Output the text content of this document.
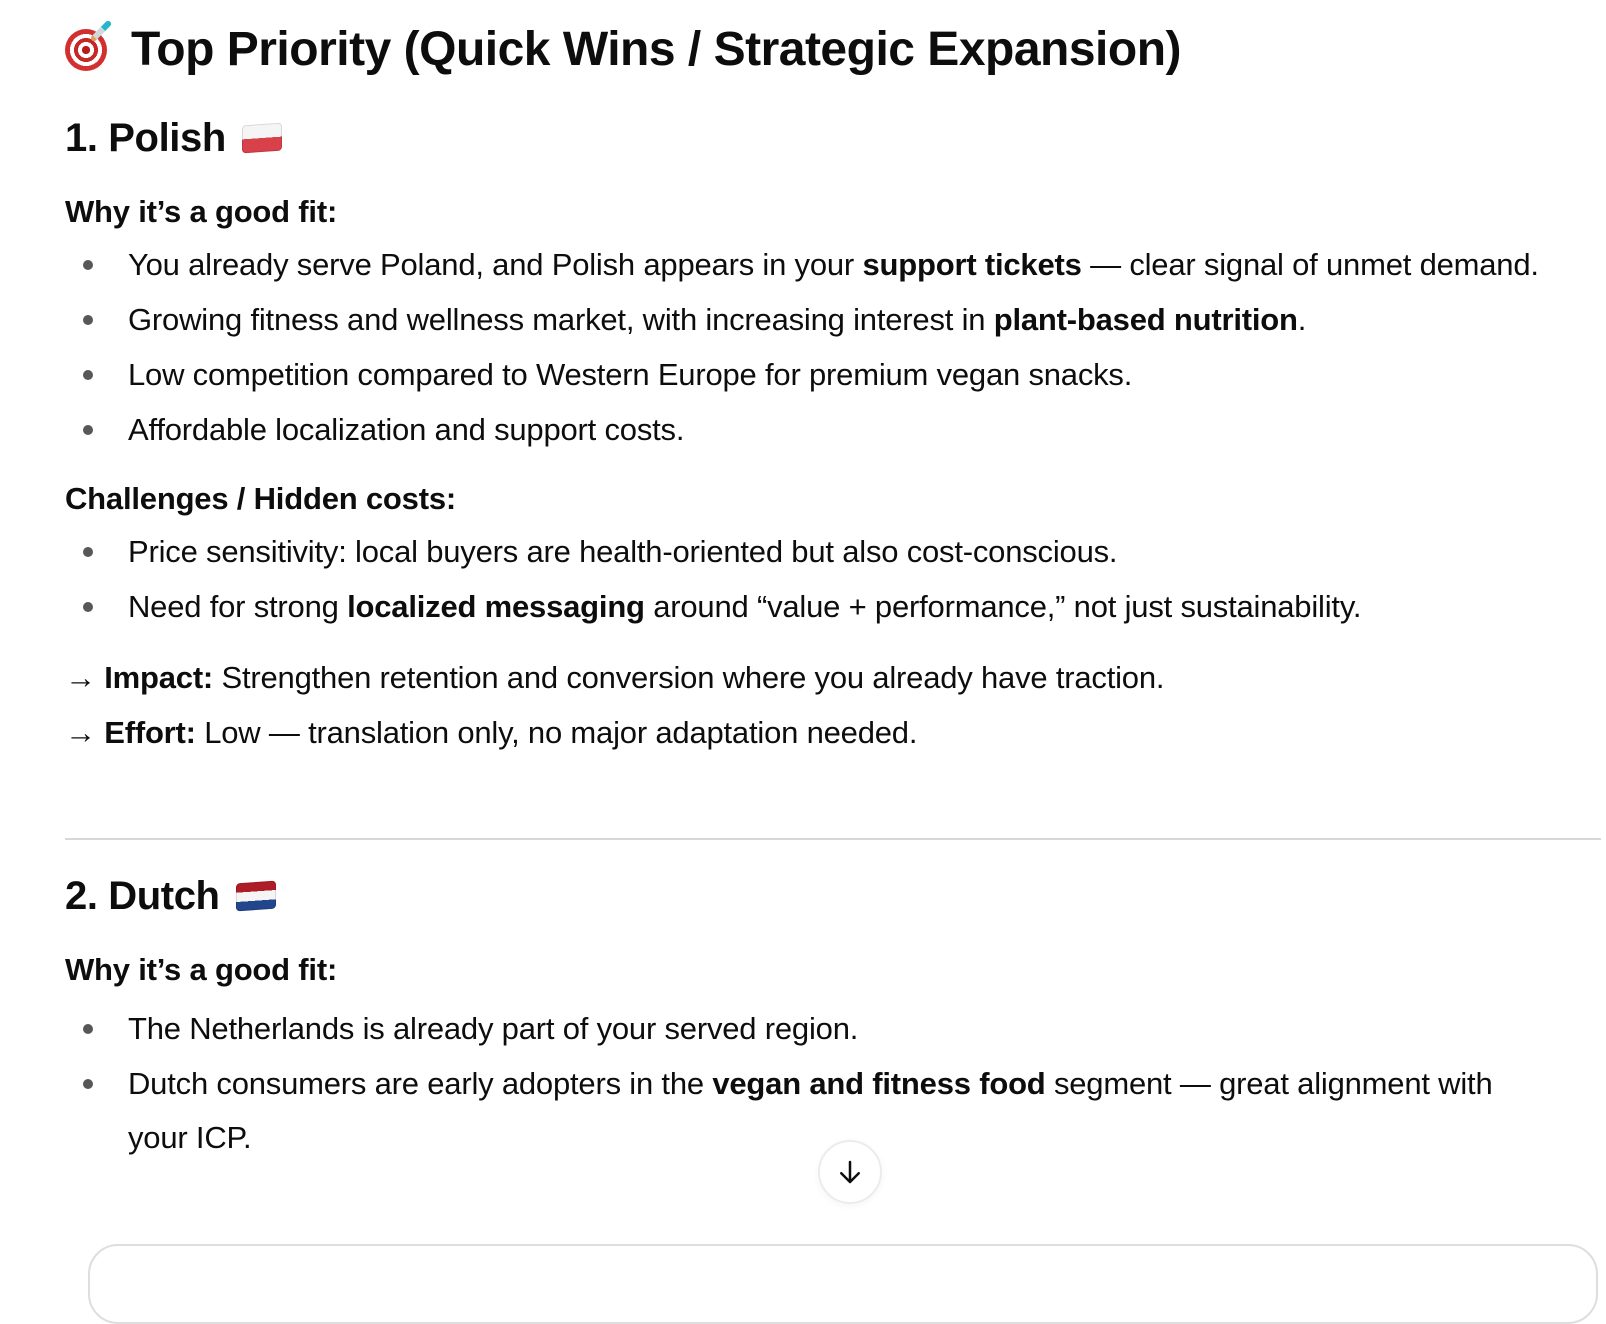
Top Priority (Quick Wins / Strategic Expansion)
1. Polish

Why it’s a good fit:

You already serve Poland, and Polish appears in your support tickets — clear signal of unmet demand.
Growing fitness and wellness market, with increasing interest in plant-based nutrition.
Low competition compared to Western Europe for premium vegan snacks.
Affordable localization and support costs.

Challenges / Hidden costs:

Price sensitivity: local buyers are health-oriented but also cost-conscious.
Need for strong localized messaging around “value + performance,” not just sustainability.

→ Impact: Strengthen retention and conversion where you already have traction.

→ Effort: Low — translation only, no major adaptation needed.

2. Dutch

Why it’s a good fit:

The Netherlands is already part of your served region.
Dutch consumers are early adopters in the vegan and fitness food segment — great alignment with your ICP.
